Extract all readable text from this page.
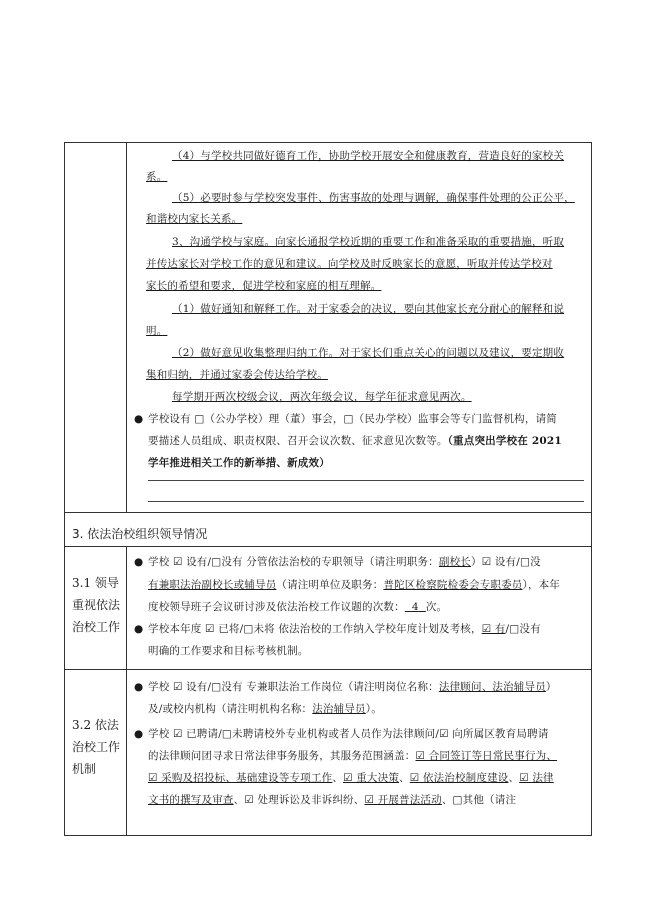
（4）与学校共同做好德育工作，协助学校开展安全和健康教育，营造良好的家校关
系。
（5）必要时参与学校突发事件、伤害事故的处理与调解，确保事件处理的公正公平，
和谐校内家长关系。
3、沟通学校与家庭。向家长通报学校近期的重要工作和准备采取的重要措施，听取
并传达家长对学校工作的意见和建议。向学校及时反映家长的意愿，听取并传达学校对
家长的希望和要求，促进学校和家庭的相互理解。
（1）做好通知和解释工作。对于家委会的决议，要向其他家长充分耐心的解释和说
明。
（2）做好意见收集整理归纳工作。对于家长们重点关心的问题以及建议，要定期收
集和归纳，并通过家委会传达给学校。
每学期开两次校级会议，两次年级会议，每学年征求意见两次。
● 学校设有 □（公办学校）理（董）事会，□（民办学校）监事会等专门监督机构，请简
要描述人员组成、职责权限、召开会议次数、征求意见次数等。（重点突出学校在 2021
学年推进相关工作的新举措、新成效）
3. 依法治校组织领导情况
3.1 领导
重视依法
治校工作
● 学校 ☑ 设有/□没有 分管依法治校的专职领导（请注明职务：副校长）☑ 设有/□没
有兼职法治副校长或辅导员（请注明单位及职务：普陀区检察院检委会专职委员），本年
度校领导班子会议研讨涉及依法治校工作议题的次数： 4 次。
● 学校本年度 ☑ 已将/□未将 依法治校的工作纳入学校年度计划及考核，☑ 有/□没有
明确的工作要求和目标考核机制。
3.2 依法
治校工作
机制
● 学校 ☑ 设有/□没有 专兼职法治工作岗位（请注明岗位名称：法律顾问、法治辅导员）
及/或校内机构（请注明机构名称：法治辅导员）。
● 学校 ☑ 已聘请/□未聘请校外专业机构或者人员作为法律顾问/☑ 向所属区教育局聘请
的法律顾问团寻求日常法律事务服务，其服务范围涵盖：☑ 合同签订等日常民事行为、
☑ 采购及招投标、基础建设等专项工作、☑ 重大决策、☑ 依法治校制度建设、☑ 法律
文书的撰写及审查、☑ 处理诉讼及非诉纠纷、☑ 开展普法活动、□其他（请注
